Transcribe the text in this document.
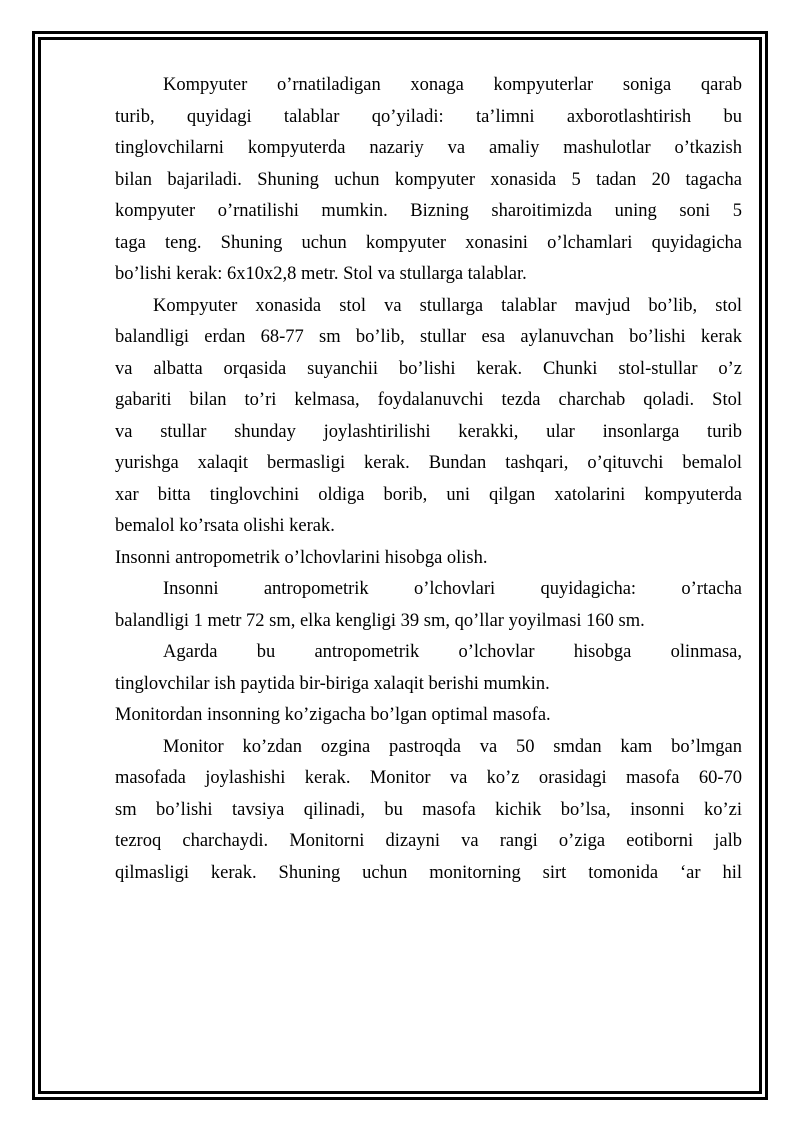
Kompyuter o’rnatiladigan xonaga kompyuterlar soniga qarab
turib, quyidagi talablar qo’yiladi: ta’limni axborotlashtirish bu
tinglovchilarni kompyuterda nazariy va amaliy mashulotlar o’tkazish
bilan bajariladi. Shuning uchun kompyuter xonasida 5 tadan 20 tagacha
kompyuter o’rnatilishi mumkin. Bizning sharoitimizda uning soni 5
taga teng. Shuning uchun kompyuter xonasini o’lchamlari quyidagicha
bo’lishi kerak: 6x10x2,8 metr. Stol va stullarga talablar.
Kompyuter xonasida stol va stullarga talablar mavjud bo’lib, stol
balandligi erdan 68-77 sm bo’lib, stullar esa aylanuvchan bo’lishi kerak
va albatta orqasida suyanchii bo’lishi kerak. Chunki stol-stullar o’z
gabariti bilan to’ri kelmasa, foydalanuvchi tezda charchab qoladi. Stol
va stullar shunday joylashtirilishi kerakki, ular insonlarga turib
yurishga xalaqit bermasligi kerak. Bundan tashqari, o’qituvchi bemalol
xar bitta tinglovchini oldiga borib, uni qilgan xatolarini kompyuterda
bemalol ko’rsata olishi kerak.
Insonni antropometrik o’lchovlarini hisobga olish.
Insonni antropometrik o’lchovlari quyidagicha: o’rtacha
balandligi 1 metr 72 sm, elka kengligi 39 sm, qo’llar yoyilmasi 160 sm.
Agarda bu antropometrik o’lchovlar hisobga olinmasa,
tinglovchilar ish paytida bir-biriga xalaqit berishi mumkin.
Monitordan insonning ko’zigacha bo’lgan optimal masofa.
Monitor ko’zdan ozgina pastroqda va 50 smdan kam bo’lmgan
masofada joylashishi kerak. Monitor va ko’z orasidagi masofa 60-70
sm bo’lishi tavsiya qilinadi, bu masofa kichik bo’lsa, insonni ko’zi
tezroq charchaydi. Monitorni dizayni va rangi o’ziga eotiborni jalb
qilmasligi kerak. Shuning uchun monitorning sirt tomonida ‘ar hil
